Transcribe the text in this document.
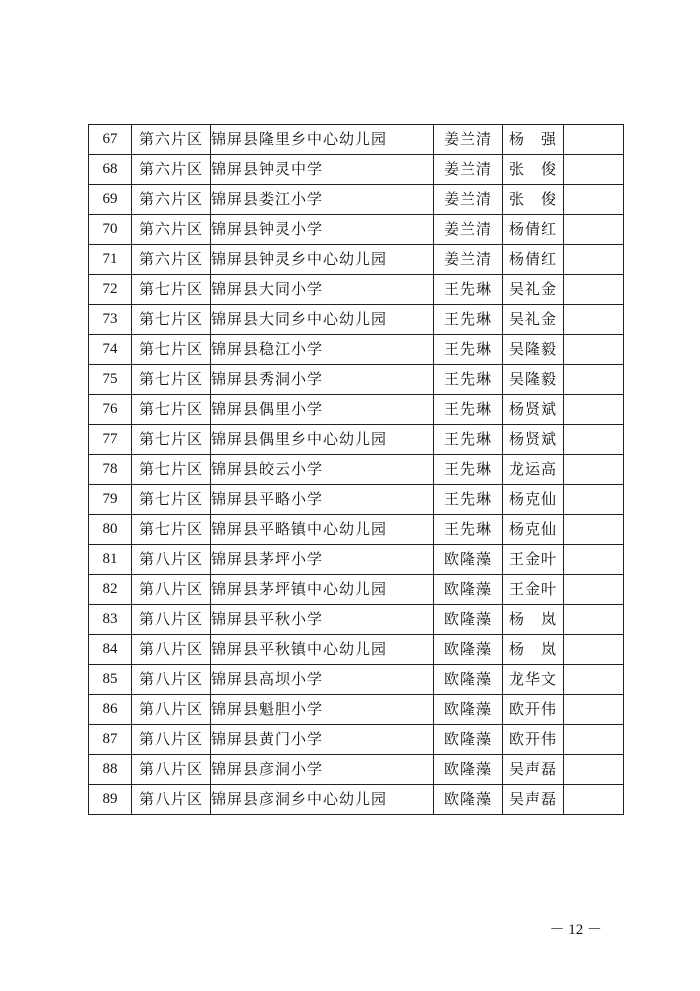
67	第六片区	锦屏县隆里乡中心幼儿园	姜兰清	杨　强	
68	第六片区	锦屏县钟灵中学	姜兰清	张　俊	
69	第六片区	锦屏县娄江小学	姜兰清	张　俊	
70	第六片区	锦屏县钟灵小学	姜兰清	杨倩红	
71	第六片区	锦屏县钟灵乡中心幼儿园	姜兰清	杨倩红	
72	第七片区	锦屏县大同小学	王先琳	吴礼金	
73	第七片区	锦屏县大同乡中心幼儿园	王先琳	吴礼金	
74	第七片区	锦屏县稳江小学	王先琳	吴隆毅	
75	第七片区	锦屏县秀洞小学	王先琳	吴隆毅	
76	第七片区	锦屏县偶里小学	王先琳	杨贤斌	
77	第七片区	锦屏县偶里乡中心幼儿园	王先琳	杨贤斌	
78	第七片区	锦屏县皎云小学	王先琳	龙运高	
79	第七片区	锦屏县平略小学	王先琳	杨克仙	
80	第七片区	锦屏县平略镇中心幼儿园	王先琳	杨克仙	
81	第八片区	锦屏县茅坪小学	欧隆藻	王金叶	
82	第八片区	锦屏县茅坪镇中心幼儿园	欧隆藻	王金叶	
83	第八片区	锦屏县平秋小学	欧隆藻	杨　岚	
84	第八片区	锦屏县平秋镇中心幼儿园	欧隆藻	杨　岚	
85	第八片区	锦屏县高坝小学	欧隆藻	龙华文	
86	第八片区	锦屏县魁胆小学	欧隆藻	欧开伟	
87	第八片区	锦屏县黄门小学	欧隆藻	欧开伟	
88	第八片区	锦屏县彦洞小学	欧隆藻	吴声磊	
89	第八片区	锦屏县彦洞乡中心幼儿园	欧隆藻	吴声磊	
－ 12 －
